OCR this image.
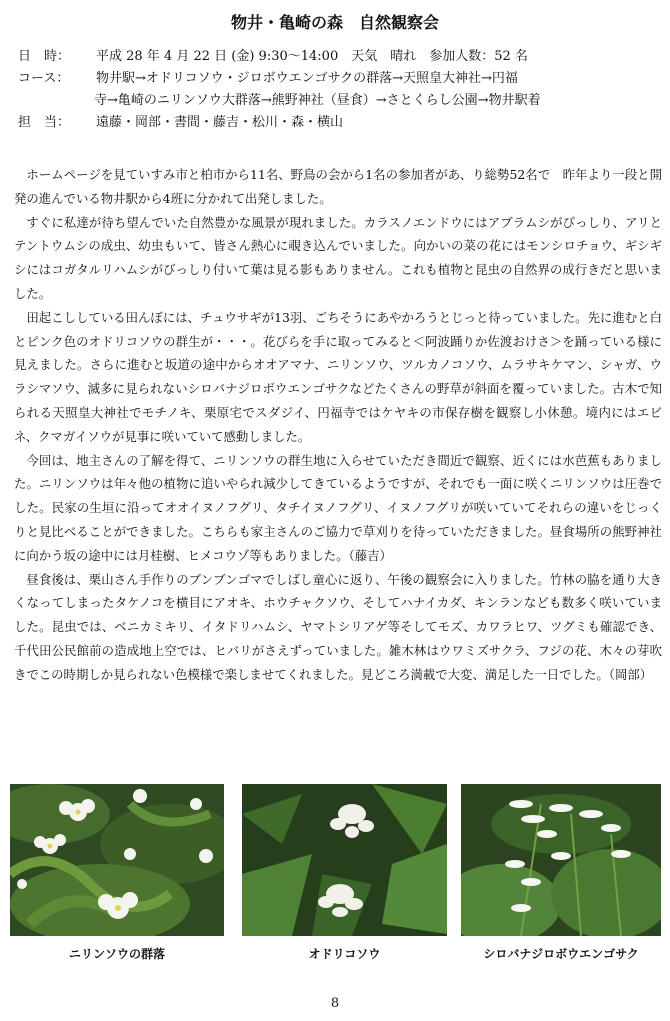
物井・亀崎の森　自然観察会
日　時：	平成 28 年 4 月 22 日 (金) 9:30～14:00　天気　晴れ　参加人数：52 名
コース：	物井駅→オドリコソウ・ジロボウエンゴサクの群落→天照皇大神社→円福
寺→亀崎のニリンソウ大群落→熊野神社（昼食）→さとくらし公園→物井駅着
担　当：	遠藤・岡部・書間・藤吉・松川・森・横山

ホームページを見ていすみ市と柏市から11名、野鳥の会から1名の参加者があ、り総勢52名で　昨年より一段と開発の進んでいる物井駅から4班に分かれて出発しました。

すぐに私達が待ち望んでいた自然豊かな風景が現れました。カラスノエンドウにはアブラムシがびっしり、アリとテントウムシの成虫、幼虫もいて、皆さん熱心に覗き込んでいました。向かいの菜の花にはモンシロチョウ、ギシギシにはコガタルリハムシがびっしり付いて葉は見る影もありません。これも植物と昆虫の自然界の成行きだと思いました。

田起こししている田んぼには、チュウサギが13羽、ごちそうにあやかろうとじっと待っていました。先に進むと白とピンク色のオドリコソウの群生が・・・。花びらを手に取ってみると＜阿波踊りか佐渡おけさ＞を踊っている様に見えました。さらに進むと坂道の途中からオオアマナ、ニリンソウ、ツルカノコソウ、ムラサキケマン、シャガ、ウラシマソウ、滅多に見られないシロバナジロボウエンゴサクなどたくさんの野草が斜面を覆っていました。古木で知られる天照皇大神社でモチノキ、栗原宅でスダジイ、円福寺ではケヤキの市保存樹を観察し小休憩。境内にはエビネ、クマガイソウが見事に咲いていて感動しました。

今回は、地主さんの了解を得て、ニリンソウの群生地に入らせていただき間近で観察、近くには水芭蕉もありました。ニリンソウは年々他の植物に追いやられ減少してきているようですが、それでも一面に咲くニリンソウは圧巻でした。民家の生垣に沿ってオオイヌノフグリ、タチイヌノフグリ、イヌノフグリが咲いていてそれらの違いをじっくりと見比べることができました。こちらも家主さんのご協力で草刈りを待っていただきました。昼食場所の熊野神社に向かう坂の途中には月桂樹、ヒメコウゾ等もありました。（藤吉）

昼食後は、栗山さん手作りのブンブンゴマでしばし童心に返り、午後の観察会に入りました。竹林の脇を通り大きくなってしまったタケノコを横目にアオキ、ホウチャクソウ、そしてハナイカダ、キンランなども数多く咲いていました。昆虫では、ベニカミキリ、イタドリハムシ、ヤマトシリアゲ等そしてモズ、カワラヒワ、ツグミも確認でき、千代田公民館前の造成地上空では、ヒバリがさえずっていました。雑木林はウワミズサクラ、フジの花、木々の芽吹きでこの時期しか見られない色模様で楽しませてくれました。見どころ満載で大変、満足した一日でした。（岡部）

ニリンソウの群落	オドリコソウ	シロバナジロボウエンゴサク
8
